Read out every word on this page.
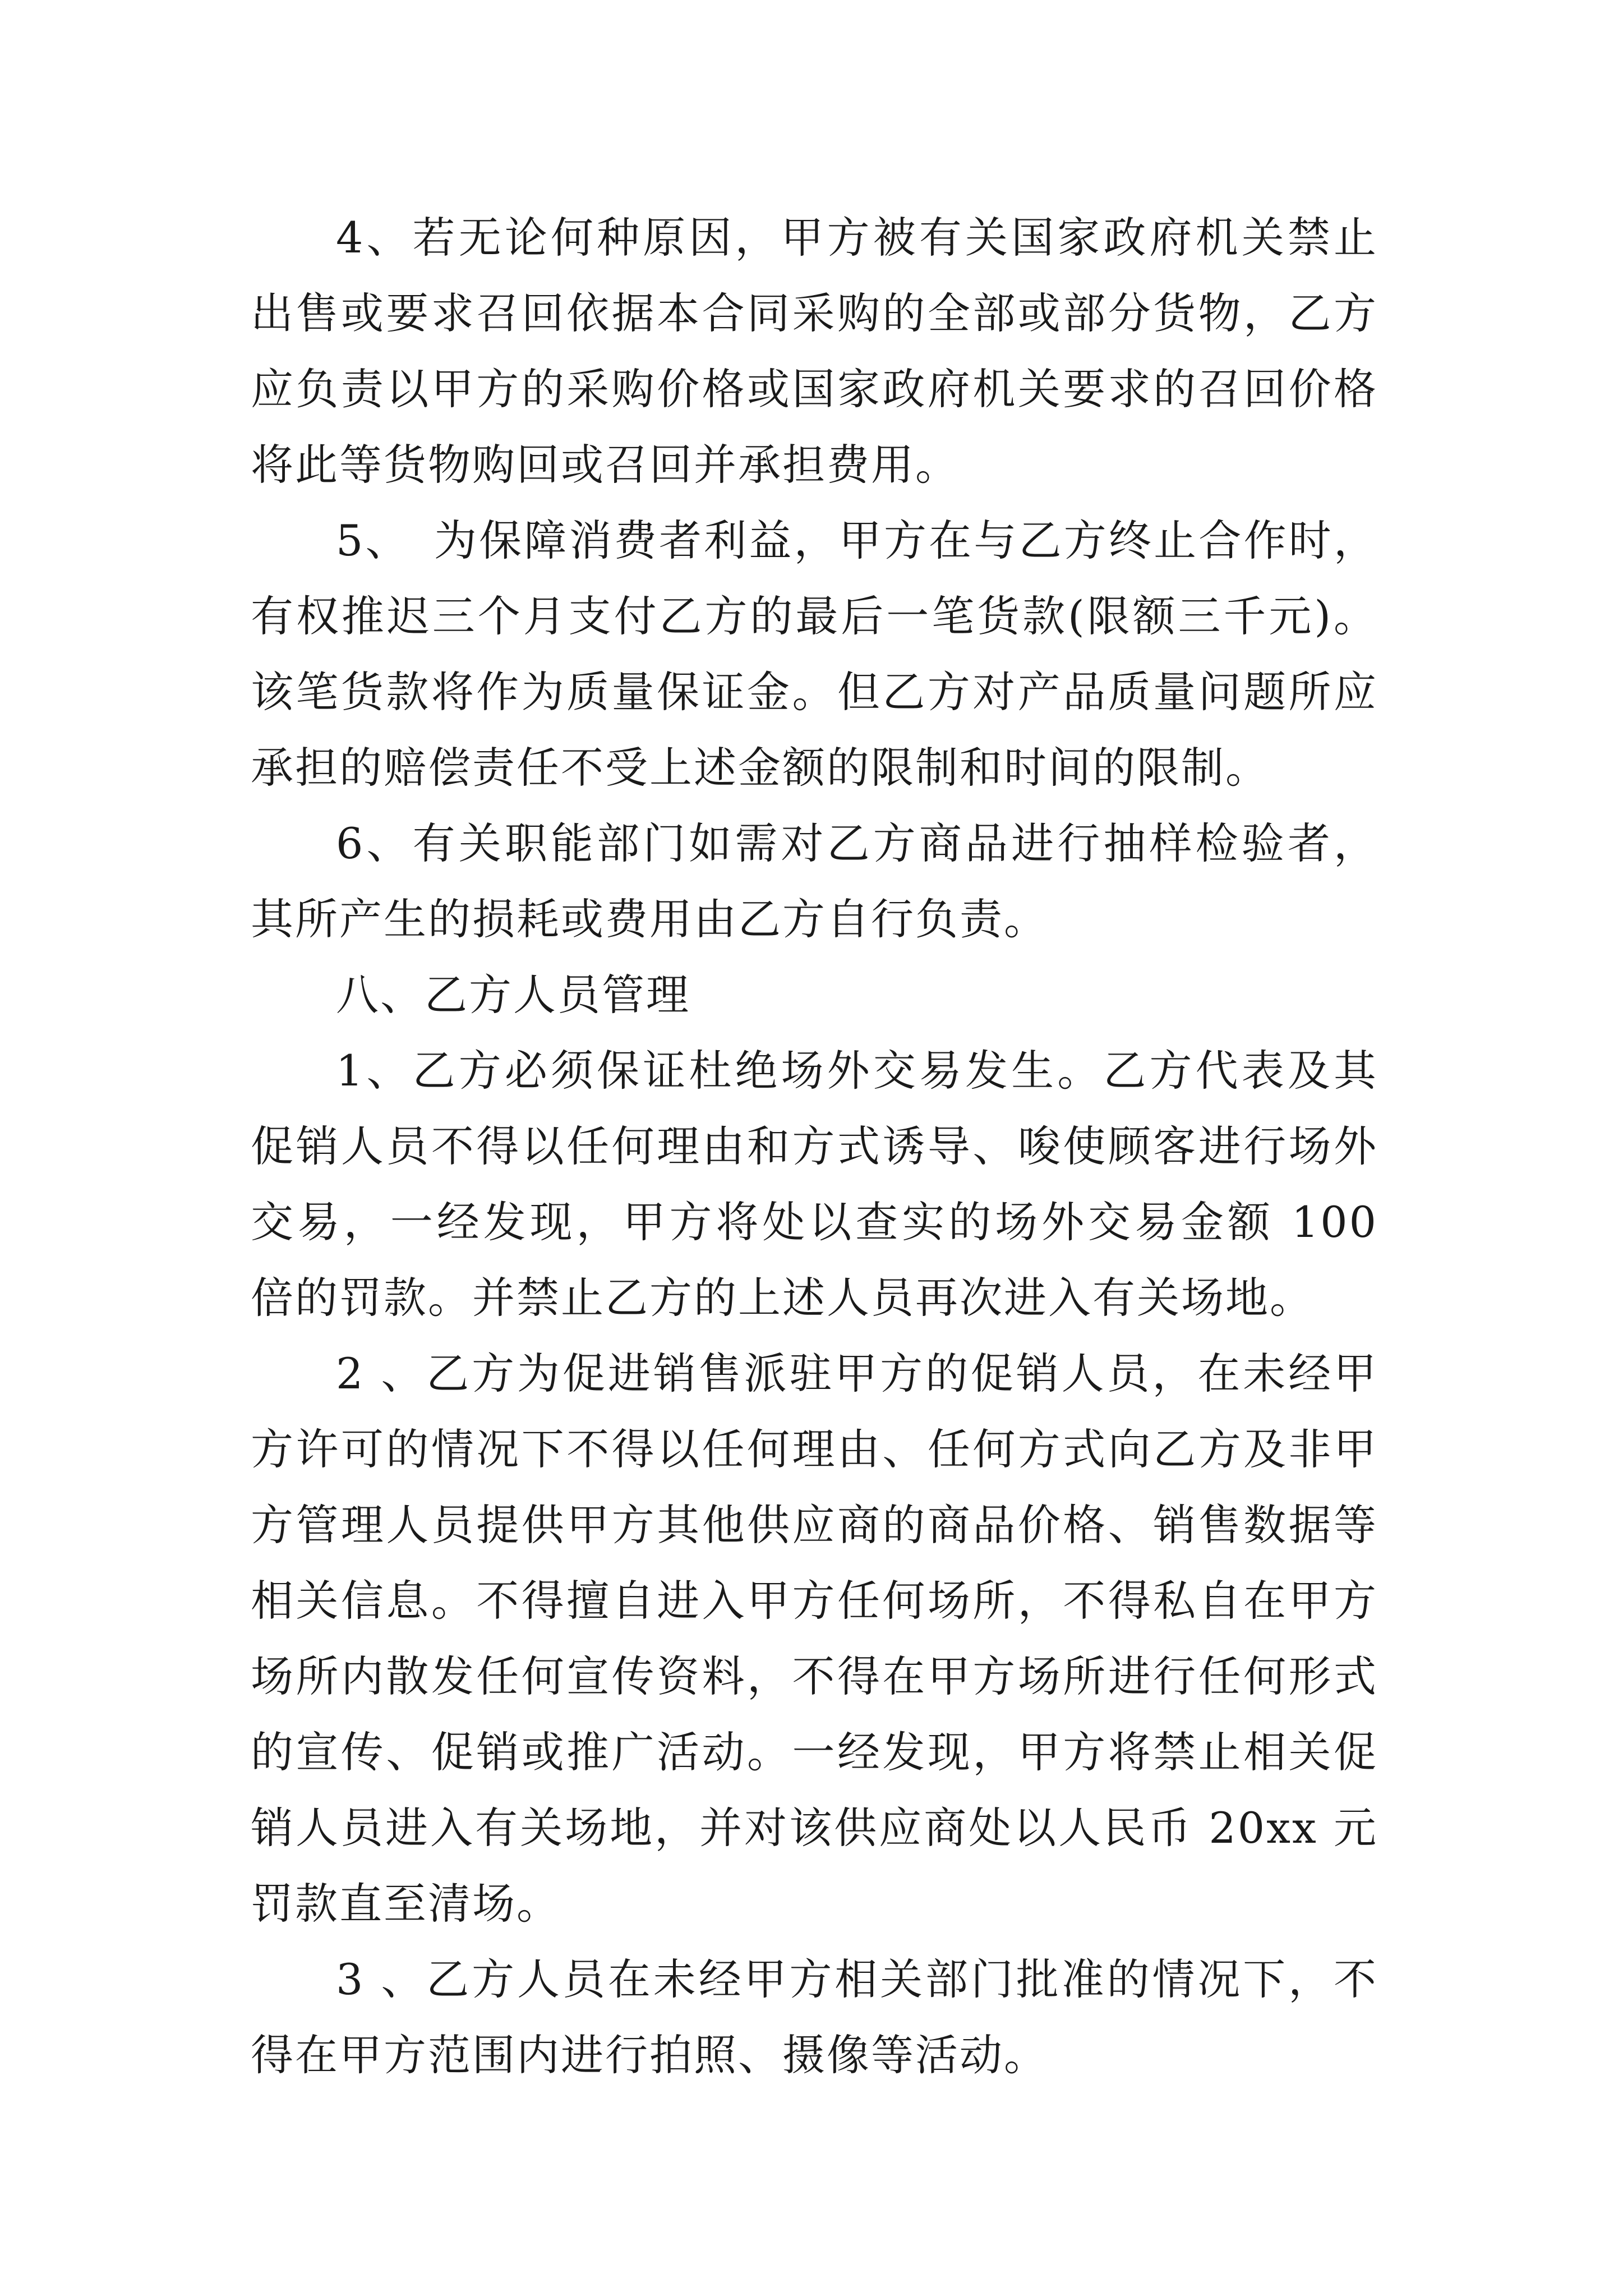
4、若无论何种原因，甲方被有关国家政府机关禁止出售或要求召回依据本合同采购的全部或部分货物，乙方应负责以甲方的采购价格或国家政府机关要求的召回价格将此等货物购回或召回并承担费用。

5、　为保障消费者利益，甲方在与乙方终止合作时，有权推迟三个月支付乙方的最后一笔货款(限额三千元)。该笔货款将作为质量保证金。但乙方对产品质量问题所应承担的赔偿责任不受上述金额的限制和时间的限制。

6、有关职能部门如需对乙方商品进行抽样检验者，其所产生的损耗或费用由乙方自行负责。

八、乙方人员管理

1、乙方必须保证杜绝场外交易发生。乙方代表及其促销人员不得以任何理由和方式诱导、唆使顾客进行场外交易，一经发现，甲方将处以查实的场外交易金额 100 倍的罚款。并禁止乙方的上述人员再次进入有关场地。

2 、乙方为促进销售派驻甲方的促销人员，在未经甲方许可的情况下不得以任何理由、任何方式向乙方及非甲方管理人员提供甲方其他供应商的商品价格、销售数据等相关信息。不得擅自进入甲方任何场所，不得私自在甲方场所内散发任何宣传资料，不得在甲方场所进行任何形式的宣传、促销或推广活动。一经发现，甲方将禁止相关促销人员进入有关场地，并对该供应商处以人民币 20xx 元罚款直至清场。

3 、乙方人员在未经甲方相关部门批准的情况下，不得在甲方范围内进行拍照、摄像等活动。
